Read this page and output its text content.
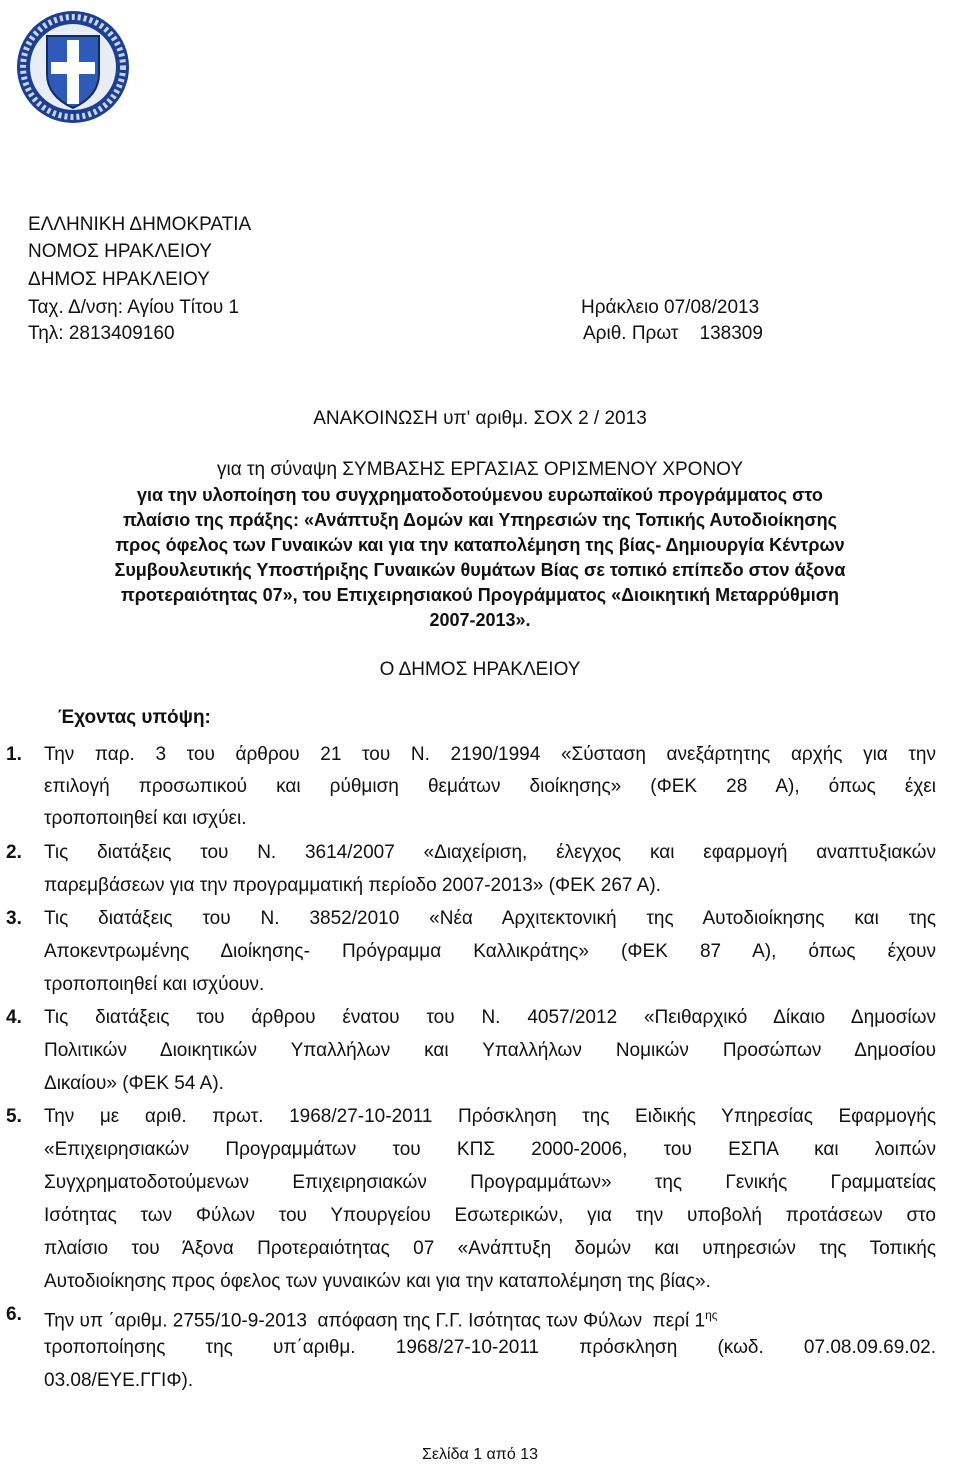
ΕΛΛΗΝΙΚΗ ΔΗΜΟΚΡΑΤΙΑ
ΝΟΜΟΣ ΗΡΑΚΛΕΙΟΥ
ΔΗΜΟΣ ΗΡΑΚΛΕΙΟΥ
Ταχ. Δ/νση: Αγίου Τίτου 1
Τηλ: 2813409160
Ηράκλειο 07/08/2013
Αριθ. Πρωτ    138309
ΑΝΑΚΟΙΝΩΣΗ υπ' αριθμ. ΣΟΧ 2 / 2013
για τη σύναψη ΣΥΜΒΑΣΗΣ ΕΡΓΑΣΙΑΣ ΟΡΙΣΜΕΝΟΥ ΧΡΟΝΟΥ
για την υλοποίηση του συγχρηματοδοτούμενου ευρωπαϊκού προγράμματος στο
πλαίσιο της πράξης: «Ανάπτυξη Δομών και Υπηρεσιών της Τοπικής Αυτοδιοίκησης
προς όφελος των Γυναικών και για την καταπολέμηση της βίας- Δημιουργία Κέντρων
Συμβουλευτικής Υποστήριξης Γυναικών θυμάτων Βίας σε τοπικό επίπεδο στον άξονα
προτεραιότητας 07», του Επιχειρησιακού Προγράμματος «Διοικητική Μεταρρύθμιση
2007-2013».
Ο ΔΗΜΟΣ ΗΡΑΚΛΕΙΟΥ
Έχοντας υπόψη:
1. Την παρ. 3 του άρθρου 21 του Ν. 2190/1994 «Σύσταση ανεξάρτητης αρχής για την
επιλογή προσωπικού και ρύθμιση θεμάτων διοίκησης» (ΦΕΚ 28 Α), όπως έχει
τροποποιηθεί και ισχύει.
2. Τις διατάξεις του Ν. 3614/2007 «Διαχείριση, έλεγχος και εφαρμογή αναπτυξιακών
παρεμβάσεων για την προγραμματική περίοδο 2007-2013» (ΦΕΚ 267 Α).
3. Τις διατάξεις του Ν. 3852/2010 «Νέα Αρχιτεκτονική της Αυτοδιοίκησης και της
Αποκεντρωμένης Διοίκησης- Πρόγραμμα Καλλικράτης» (ΦΕΚ 87 Α), όπως έχουν
τροποποιηθεί και ισχύουν.
4. Τις διατάξεις του άρθρου ένατου του Ν. 4057/2012 «Πειθαρχικό Δίκαιο Δημοσίων
Πολιτικών Διοικητικών Υπαλλήλων και Υπαλλήλων Νομικών Προσώπων Δημοσίου
Δικαίου» (ΦΕΚ 54 Α).
5. Την με αριθ. πρωτ. 1968/27-10-2011 Πρόσκληση της Ειδικής Υπηρεσίας Εφαρμογής
«Επιχειρησιακών Προγραμμάτων του ΚΠΣ 2000-2006, του ΕΣΠΑ και λοιπών
Συγχρηματοδοτούμενων Επιχειρησιακών Προγραμμάτων» της Γενικής Γραμματείας
Ισότητας των Φύλων του Υπουργείου Εσωτερικών, για την υποβολή προτάσεων στο
πλαίσιο του Άξονα Προτεραιότητας 07 «Ανάπτυξη δομών και υπηρεσιών της Τοπικής
Αυτοδιοίκησης προς όφελος των γυναικών και για την καταπολέμηση της βίας».
6. Την υπ ΄αριθμ. 2755/10-9-2013  απόφαση της Γ.Γ. Ισότητας των Φύλων  περί $1^{\eta\varsigma}$
τροποποίησης της υπ΄αριθμ. 1968/27-10-2011 πρόσκληση (κωδ. 07.08.09.69.02.
03.08/ΕΥΕ.ΓΓΙΦ).
Σελίδα 1 από 13
